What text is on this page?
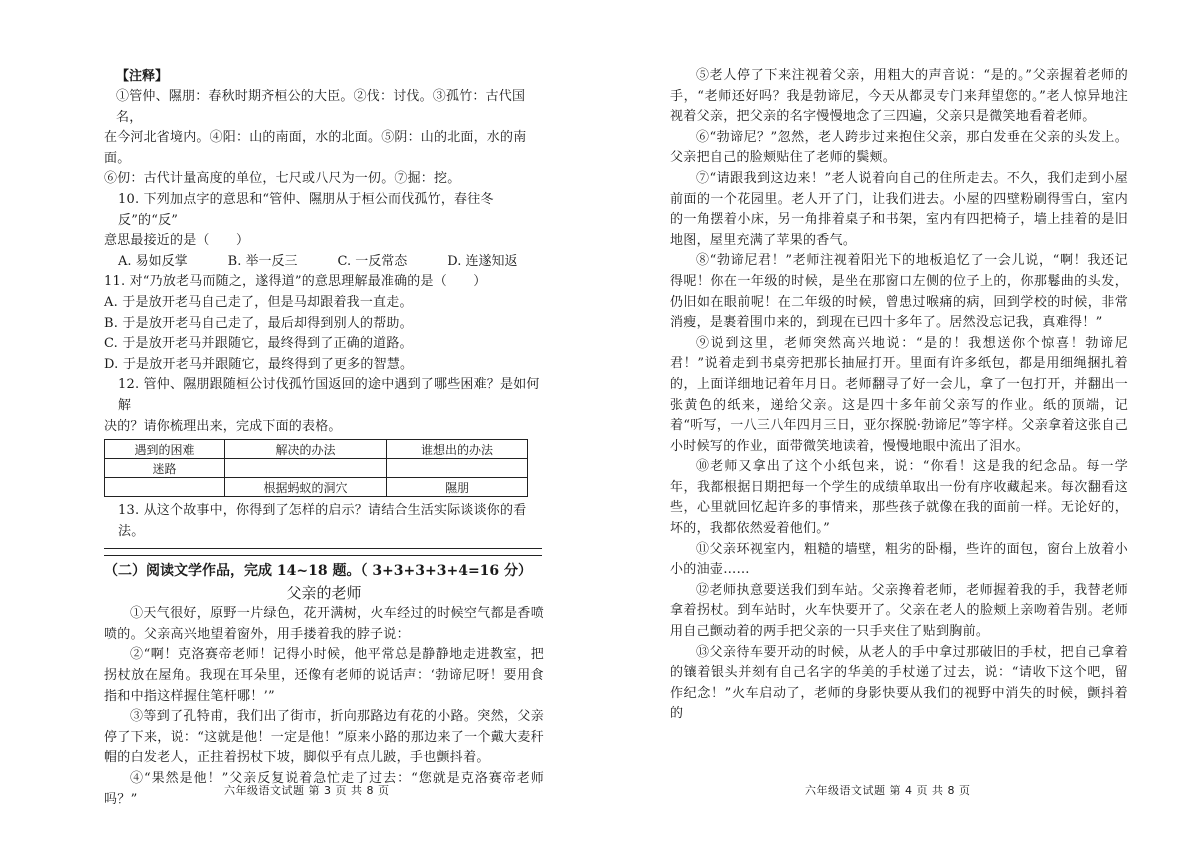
【注释】

①管仲、隰朋：春秋时期齐桓公的大臣。②伐：讨伐。③孤竹：古代国名，

在今河北省境内。④阳：山的南面，水的北面。⑤阴：山的北面，水的南面。

⑥仞：古代计量高度的单位，七尺或八尺为一仞。⑦掘：挖。

10. 下列加点字的意思和“管仲、隰朋从于桓公而伐孤竹，春往冬反”的“反”

意思最接近的是（　　）

A. 易如反掌	B. 举一反三	C. 一反常态	D. 连遂知返

11. 对“乃放老马而随之，遂得道”的意思理解最准确的是（　　）

A. 于是放开老马自己走了，但是马却跟着我一直走。

B. 于是放开老马自己走了，最后却得到别人的帮助。

C. 于是放开老马并跟随它，最终得到了正确的道路。

D. 于是放开老马并跟随它，最终得到了更多的智慧。

12. 管仲、隰朋跟随桓公讨伐孤竹国返回的途中遇到了哪些困难？是如何解

决的？请你梳理出来，完成下面的表格。

遇到的困难	解决的办法	谁想出的办法
迷路		
	根据蚂蚁的洞穴	隰朋

13. 从这个故事中，你得到了怎样的启示？请结合生活实际谈谈你的看法。

（二）阅读文学作品，完成 14~18 题。（ 3+3+3+3+4=16 分）

父亲的老师

①天气很好，原野一片绿色，花开满树，火车经过的时候空气都是香喷喷的。父亲高兴地望着窗外，用手搂着我的脖子说：

②“啊！克洛赛帝老师！记得小时候，他平常总是静静地走进教室，把拐杖放在屋角。我现在耳朵里，还像有老师的说话声：‘勃谛尼呀！要用食指和中指这样握住笔杆哪！’”

③等到了孔特甫，我们出了街市，折向那路边有花的小路。突然，父亲停了下来，说：“这就是他！一定是他！”原来小路的那边来了一个戴大麦秆帽的白发老人，正拄着拐杖下坡，脚似乎有点儿跛，手也颤抖着。

④“果然是他！”父亲反复说着急忙走了过去：“您就是克洛赛帝老师吗？”

六年级语文试题 第 3 页 共 8 页

⑤老人停了下来注视着父亲，用粗大的声音说：“是的。”父亲握着老师的手，“老师还好吗？我是勃谛尼，今天从都灵专门来拜望您的。”老人惊异地注视着父亲，把父亲的名字慢慢地念了三四遍，父亲只是微笑地看着老师。

⑥“勃谛尼？”忽然，老人跨步过来抱住父亲，那白发垂在父亲的头发上。父亲把自己的脸颊贴住了老师的鬓颊。

⑦“请跟我到这边来！”老人说着向自己的住所走去。不久，我们走到小屋前面的一个花园里。老人开了门，让我们进去。小屋的四壁粉刷得雪白，室内的一角摆着小床，另一角排着桌子和书架，室内有四把椅子，墙上挂着的是旧地图，屋里充满了苹果的香气。

⑧“勃谛尼君！”老师注视着阳光下的地板追忆了一会儿说，“啊！我还记得呢！你在一年级的时候，是坐在那窗口左侧的位子上的，你那鬈曲的头发，仍旧如在眼前呢！在二年级的时候，曾患过喉痛的病，回到学校的时候，非常消瘦，是裹着围巾来的，到现在已四十多年了。居然没忘记我，真难得！”

⑨说到这里，老师突然高兴地说：“是的！我想送你个惊喜！勃谛尼君！”说着走到书桌旁把那长抽屉打开。里面有许多纸包，都是用细绳捆扎着的，上面详细地记着年月日。老师翻寻了好一会儿，拿了一包打开，并翻出一张黄色的纸来，递给父亲。这是四十多年前父亲写的作业。纸的顶端，记着“听写，一八三八年四月三日，亚尔探脱·勃谛尼”等字样。父亲拿着这张自己小时候写的作业，面带微笑地读着，慢慢地眼中流出了泪水。

⑩老师又拿出了这个小纸包来，说：“你看！这是我的纪念品。每一学年，我都根据日期把每一个学生的成绩单取出一份有序收藏起来。每次翻看这些，心里就回忆起许多的事情来，那些孩子就像在我的面前一样。无论好的，坏的，我都依然爱着他们。”

⑪父亲环视室内，粗糙的墙壁，粗劣的卧榻，些许的面包，窗台上放着小小的油壶……

⑫老师执意要送我们到车站。父亲搀着老师，老师握着我的手，我替老师拿着拐杖。到车站时，火车快要开了。父亲在老人的脸颊上亲吻着告别。老师用自己颤动着的两手把父亲的一只手夹住了贴到胸前。

⑬父亲待车要开动的时候，从老人的手中拿过那破旧的手杖，把自己拿着的镶着银头并刻有自己名字的华美的手杖递了过去，说：“请收下这个吧，留作纪念！”火车启动了，老师的身影快要从我们的视野中消失的时候，颤抖着的

六年级语文试题 第 4 页 共 8 页
